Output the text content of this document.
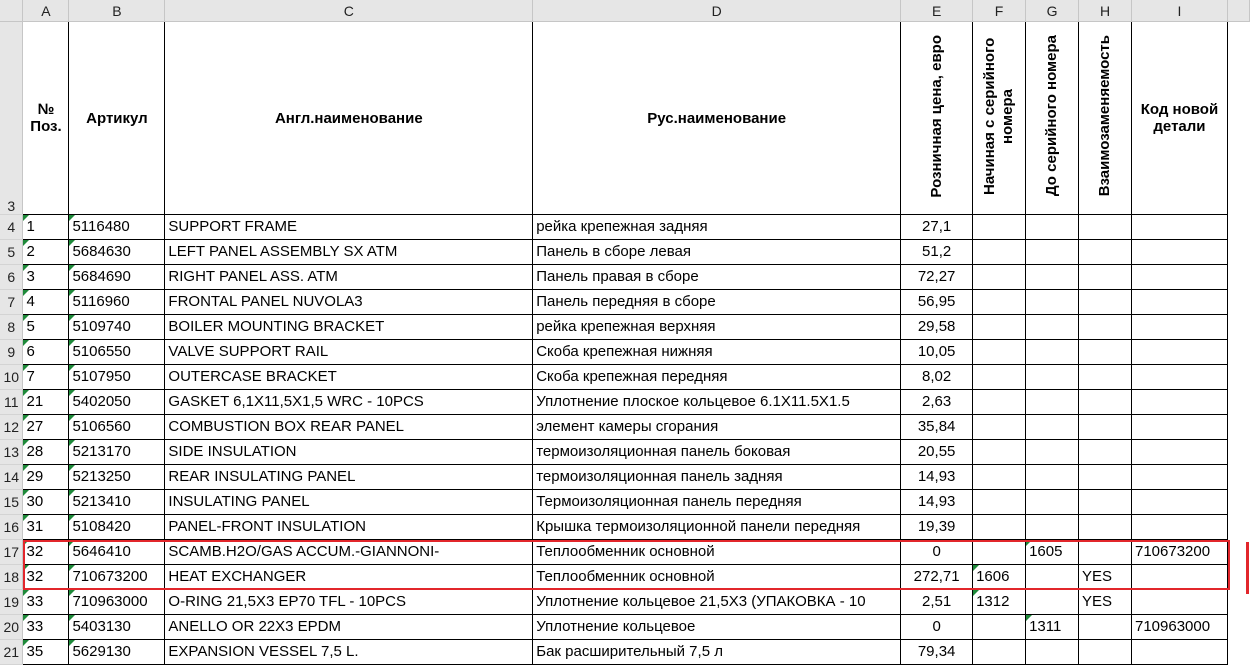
	A	B	C	D	E	F	G	H	I	
3	№ Поз.	Артикул	Англ.наименование	Рус.наименование	Розничная цена, евро	Начиная с серийного номера	До серийного номера	Взаимозаменяемость	Код новой детали	
4	1	5116480	SUPPORT FRAME	рейка крепежная задняя	27,1					
5	2	5684630	LEFT PANEL ASSEMBLY SX ATM	Панель в сборе левая	51,2					
6	3	5684690	RIGHT PANEL ASS. ATM	Панель правая в сборе	72,27					
7	4	5116960	FRONTAL PANEL NUVOLA3	Панель передняя в сборе	56,95					
8	5	5109740	BOILER MOUNTING BRACKET	рейка крепежная верхняя	29,58					
9	6	5106550	VALVE SUPPORT RAIL	Скоба крепежная нижняя	10,05					
10	7	5107950	OUTERCASE BRACKET	Скоба крепежная передняя	8,02					
11	21	5402050	GASKET 6,1X11,5X1,5 WRC - 10PCS	Уплотнение плоское кольцевое 6.1X11.5X1.5	2,63					
12	27	5106560	COMBUSTION BOX REAR PANEL	элемент камеры сгорания	35,84					
13	28	5213170	SIDE INSULATION	термоизоляционная панель боковая	20,55					
14	29	5213250	REAR INSULATING PANEL	термоизоляционная панель задняя	14,93					
15	30	5213410	INSULATING PANEL	Термоизоляционная панель передняя	14,93					
16	31	5108420	PANEL-FRONT INSULATION	Крышка термоизоляционной панели передняя	19,39					
17	32	5646410	SCAMB.H2O/GAS ACCUM.-GIANNONI-	Теплообменник основной	0		1605		710673200	
18	32	710673200	HEAT EXCHANGER	Теплообменник основной	272,71	1606		YES		
19	33	710963000	O-RING 21,5X3 EP70 TFL - 10PCS	Уплотнение кольцевое 21,5X3 (УПАКОВКА - 10	2,51	1312		YES		
20	33	5403130	ANELLO OR 22X3 EPDM	Уплотнение кольцевое	0		1311		710963000	
21	35	5629130	EXPANSION VESSEL 7,5 L.	Бак расширительный 7,5 л	79,34					
